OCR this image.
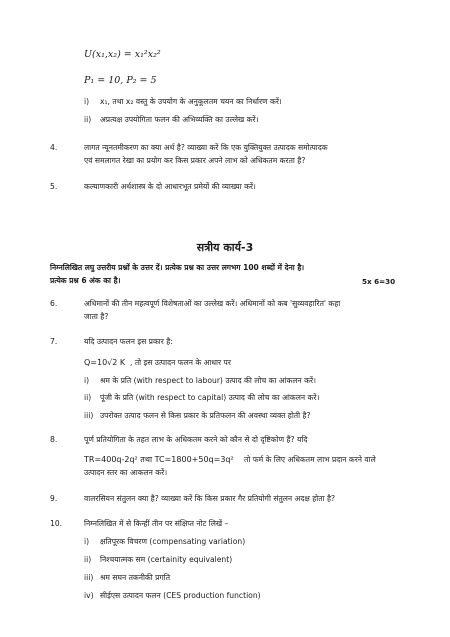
U(x₁,x₂) = x₁²x₂²
P₁ = 10, P₂ = 5
i) x₁, तथा x₂ वस्तु के उपयोग के अनुकूलतम चयन का निर्धारण करें।
ii) अप्रत्यक्ष उपयोगिता फलन की अभिव्यक्ति का उल्लेख करें।
4.	लागत न्यूनतमीकरण का क्या अर्थ है? व्याख्या करें कि एक युक्तियुक्त उत्पादक समोत्पादक
एवं समलागत रेखा का प्रयोग कर किस प्रकार अपने लाभ को अधिकतम करता है?
5.	कल्याणकारी अर्थशास्त्र के दो आधारभूत प्रमेयों की व्याख्या करें।
सत्रीय कार्य-3
निम्नलिखित लघु उत्तरीय प्रश्नों के उत्तर दें। प्रत्येक प्रश्न का उत्तर लगभग 100 शब्दों में देना है।
प्रत्येक प्रश्न 6 अंक का है।	5x 6=30
6.	अधिमानों की तीन महत्वपूर्ण विशेषताओं का उल्लेख करें। अधिमानों को कब 'सुव्यवहारित' कहा
जाता है?
7.	यदि उत्पादन फलन इस प्रकार है:
Q=10√2 K , तो इस उत्पादन फलन के आधार पर
i) श्रम के प्रति (with respect to labour) उत्पाद की लोच का आंकलन करें।
ii) पूंजी के प्रति (with respect to capital) उत्पाद की लोच का आंकलन करें।
iii) उपरोक्त उत्पाद फलन से किस प्रकार के प्रतिफलन की अवस्था व्यक्त होती है?
8.	पूर्ण प्रतियोगिता के तहत लाभ के अधिकतम करने को कौन से दो दृष्टिकोण हैं? यदि
TR=400q-2q² तथा TC=1800+50q=3q² तो फर्म के लिए अधिकतम लाभ प्रदान करने वाले
उत्पादन स्तर का आकलन करें।
9.	वालरसियन संतुलन क्या है? व्याख्या करें कि किस प्रकार गैर प्रतियोगी संतुलन अदक्ष होता है?
10.	निम्नलिखित में से किन्हीं तीन पर संक्षिप्त नोट लिखें –
i) क्षतिपूरक विचरण (compensating variation)
ii) निश्चयात्मक सम (certainity equivalent)
iii) श्रम सघन तकनीकी प्रगति
iv) सीईएस उत्पादन फलन (CES production function)
